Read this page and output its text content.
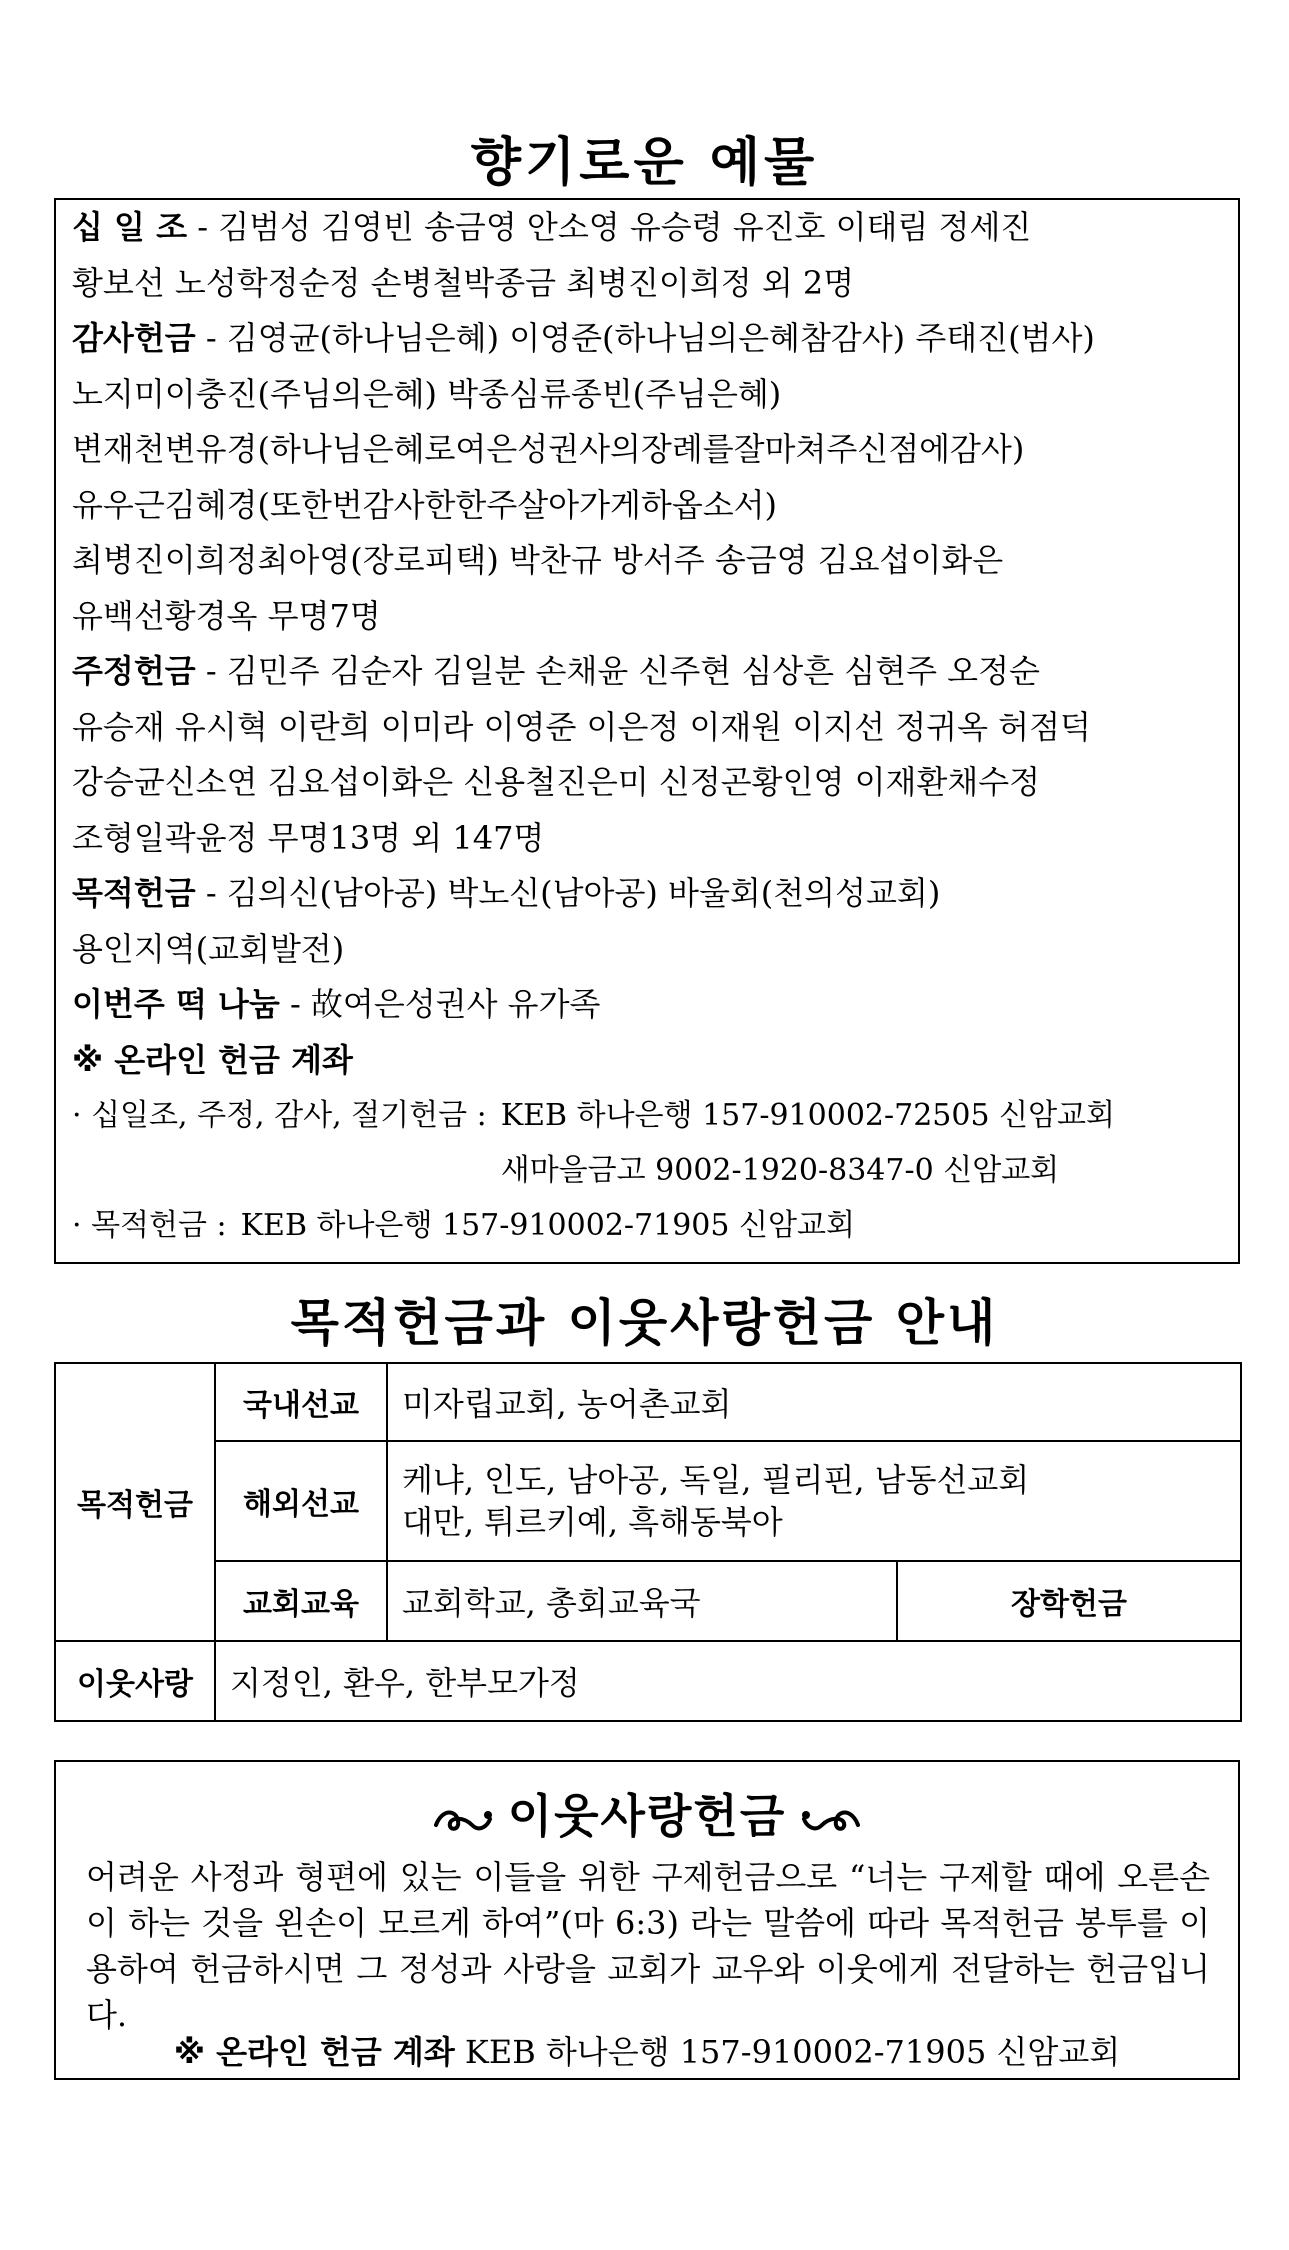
향기로운 예물
십 일 조 - 김범성 김영빈 송금영 안소영 유승령 유진호 이태림 정세진
황보선 노성학정순정 손병철박종금 최병진이희정 외 2명
감사헌금 - 김영균(하나님은혜) 이영준(하나님의은혜참감사) 주태진(범사)
노지미이충진(주님의은혜) 박종심류종빈(주님은혜)
변재천변유경(하나님은혜로여은성권사의장례를잘마쳐주신점에감사)
유우근김혜경(또한번감사한한주살아가게하옵소서)
최병진이희정최아영(장로피택) 박찬규 방서주 송금영 김요섭이화은
유백선황경옥 무명7명
주정헌금 - 김민주 김순자 김일분 손채윤 신주현 심상흔 심현주 오정순
유승재 유시혁 이란희 이미라 이영준 이은정 이재원 이지선 정귀옥 허점덕
강승균신소연 김요섭이화은 신용철진은미 신정곤황인영 이재환채수정
조형일곽윤정 무명13명 외 147명
목적헌금 - 김의신(남아공) 박노신(남아공) 바울회(천의성교회)
용인지역(교회발전)
이번주 떡 나눔 - 故여은성권사 유가족
※ 온라인 헌금 계좌
· 십일조, 주정, 감사, 절기헌금 : KEB 하나은행 157-910002-72505 신암교회
새마을금고 9002-1920-8347-0 신암교회
· 목적헌금 : KEB 하나은행 157-910002-71905 신암교회
목적헌금과 이웃사랑헌금 안내
목적헌금	국내선교	미자립교회, 농어촌교회	
	해외선교	케냐, 인도, 남아공, 독일, 필리핀, 남동선교회
대만, 튀르키예, 흑해동북아	

	교회교육	교회학교, 총회교육국	장학헌금
이웃사랑	지정인, 환우, 한부모가정		
이웃사랑헌금
어려운 사정과 형편에 있는 이들을 위한 구제헌금으로 “너는 구제할 때에 오른손이 하는 것을 왼손이 모르게 하여”(마 6:3) 라는 말씀에 따라 목적헌금 봉투를 이용하여 헌금하시면 그 정성과 사랑을 교회가 교우와 이웃에게 전달하는 헌금입니다.
※ 온라인 헌금 계좌 KEB 하나은행 157-910002-71905 신암교회
